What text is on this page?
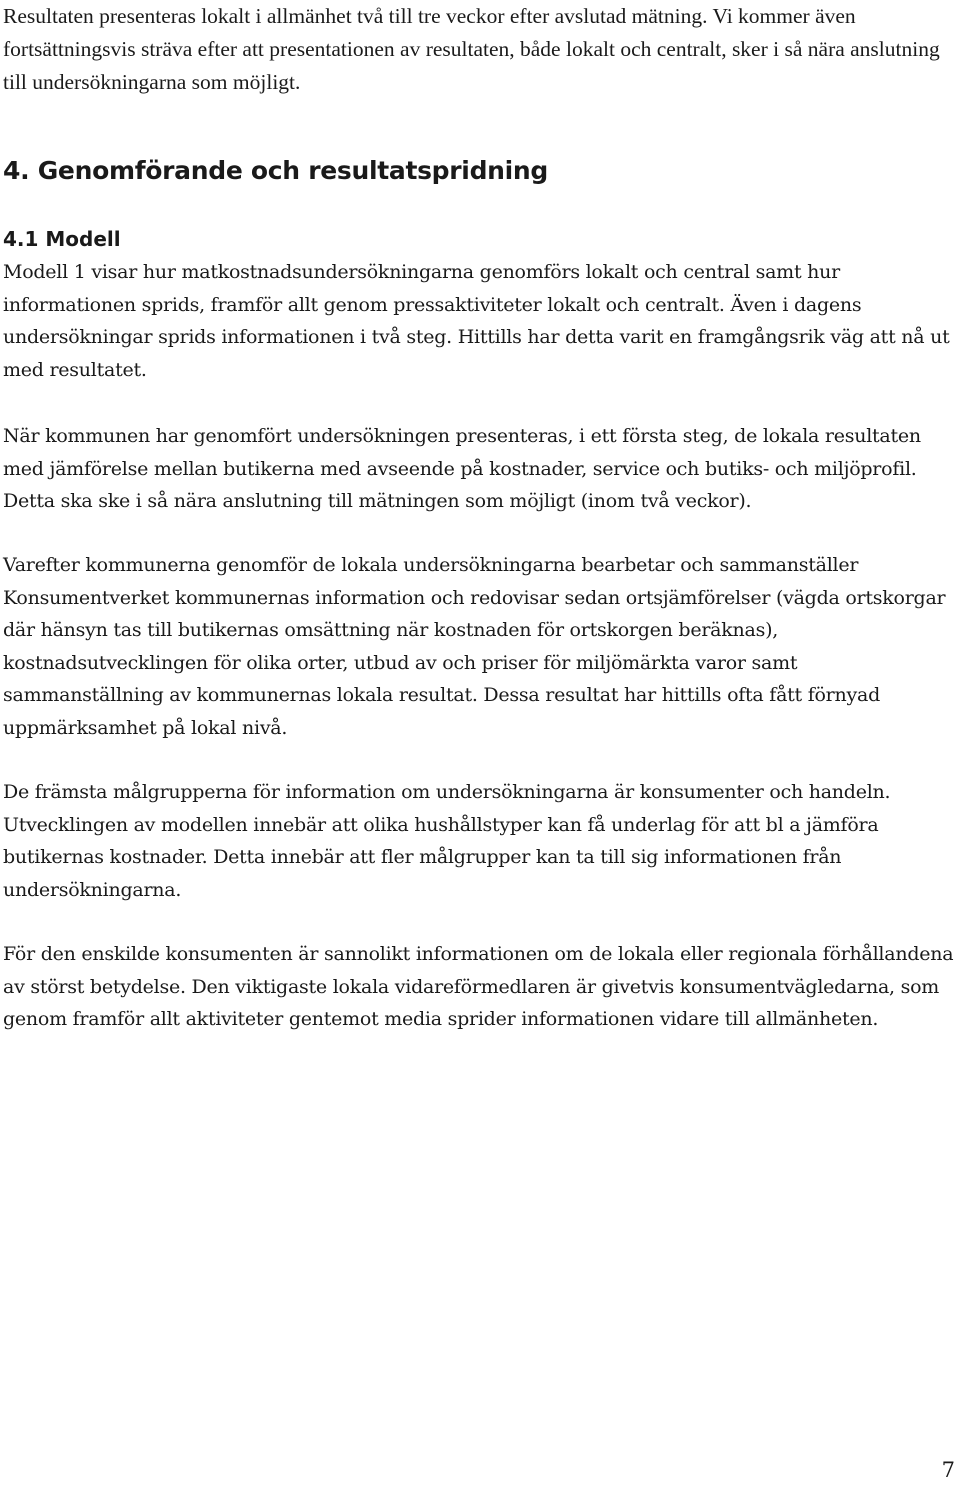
Resultaten presenteras lokalt i allmänhet två till tre veckor efter avslutad mätning. Vi kommer även fortsättningsvis sträva efter att presentationen av resultaten, både lokalt och centralt, sker i så nära anslutning till undersökningarna som möjligt.

4. Genomförande och resultatspridning
4.1 Modell

Modell 1 visar hur matkostnadsundersökningarna genomförs lokalt och central samt hur informationen sprids, framför allt genom pressaktiviteter lokalt och centralt. Även i dagens undersökningar sprids informationen i två steg. Hittills har detta varit en framgångsrik väg att nå ut med resultatet.

När kommunen har genomfört undersökningen presenteras, i ett första steg, de lokala resultaten med jämförelse mellan butikerna med avseende på kostnader, service och butiks- och miljöprofil. Detta ska ske i så nära anslutning till mätningen som möjligt (inom två veckor).

Varefter kommunerna genomför de lokala undersökningarna bearbetar och sammanställer Konsumentverket kommunernas information och redovisar sedan ortsjämförelser (vägda ortskorgar där hänsyn tas till butikernas omsättning när kostnaden för ortskorgen beräknas), kostnadsutvecklingen för olika orter, utbud av och priser för miljömärkta varor samt sammanställning av kommunernas lokala resultat. Dessa resultat har hittills ofta fått förnyad uppmärksamhet på lokal nivå.

De främsta målgrupperna för information om undersökningarna är konsumenter och handeln. Utvecklingen av modellen innebär att olika hushållstyper kan få underlag för att bl a jämföra butikernas kostnader. Detta innebär att fler målgrupper kan ta till sig informationen från undersökningarna.

För den enskilde konsumenten är sannolikt informationen om de lokala eller regionala förhållandena av störst betydelse. Den viktigaste lokala vidareförmedlaren är givetvis konsumentvägledarna, som genom framför allt aktiviteter gentemot media sprider informationen vidare till allmänheten.

7
